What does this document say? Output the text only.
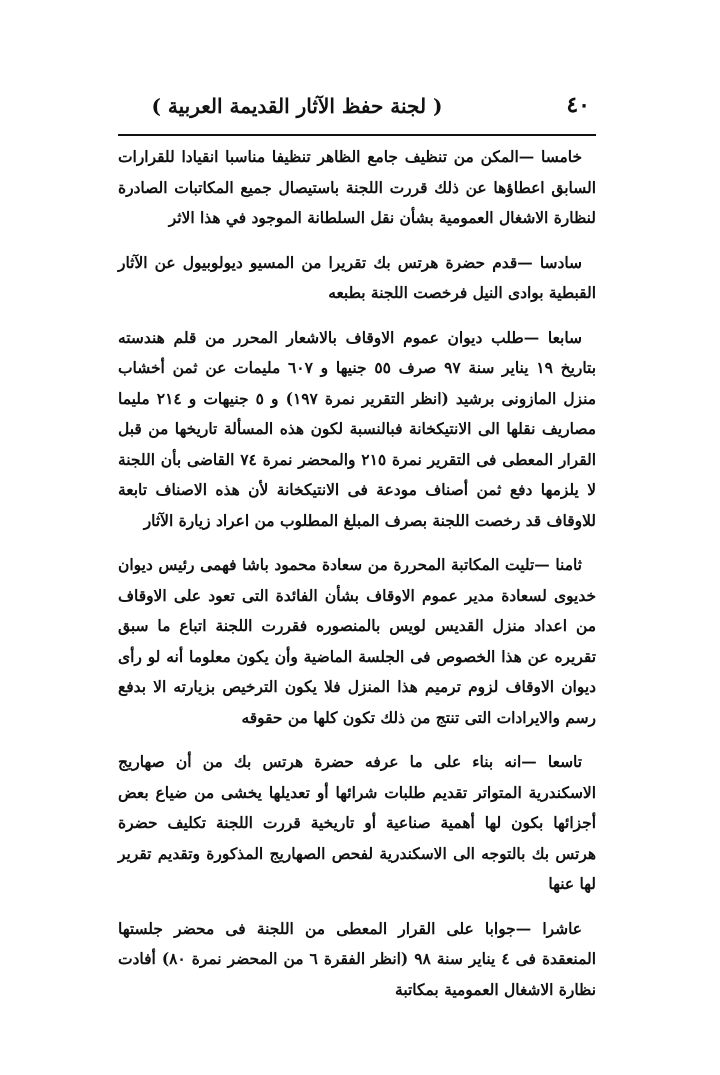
٤٠
( لجنة حفظ الآثار القديمة العربية )

خامسا —المكن من تنظيف جامع الظاهر تنظيفا مناسبا انقيادا للقرارات السابق اعطاؤها عن ذلك قررت اللجنة باستيصال جميع المكاتبات الصادرة لنظارة الاشغال العمومية بشأن نقل السلطانة الموجود في هذا الاثر

سادسا —قدم حضرة هرتس بك تقريرا من المسيو ديولوبيول عن الآثار القبطية بوادى النيل فرخصت اللجنة بطبعه

سابعا —طلب ديوان عموم الاوقاف بالاشعار المحرر من قلم هندسته بتاريخ ١٩ يناير سنة ٩٧ صرف ٥٥ جنيها و ٦٠٧ مليمات عن ثمن أخشاب منزل المازونى برشيد (انظر التقرير نمرة ١٩٧) و ٥ جنيهات و ٢١٤ مليما مصاريف نقلها الى الانتيكخانة فبالنسبة لكون هذه المسألة تاريخها من قبل القرار المعطى فى التقرير نمرة ٢١٥ والمحضر نمرة ٧٤ القاضى بأن اللجنة لا يلزمها دفع ثمن أصناف مودعة فى الانتيكخانة لأن هذه الاصناف تابعة للاوقاف قد رخصت اللجنة بصرف المبلغ المطلوب من اعراد زيارة الآثار

ثامنا —تليت المكاتبة المحررة من سعادة محمود باشا فهمى رئيس ديوان خديوى لسعادة مدير عموم الاوقاف بشأن الفائدة التى تعود على الاوقاف من اعداد منزل القديس لويس بالمنصوره فقررت اللجنة اتباع ما سبق تقريره عن هذا الخصوص فى الجلسة الماضية وأن يكون معلوما أنه لو رأى ديوان الاوقاف لزوم ترميم هذا المنزل فلا يكون الترخيص بزيارته الا بدفع رسم والايرادات التى تنتج من ذلك تكون كلها من حقوقه

تاسعا —انه بناء على ما عرفه حضرة هرتس بك من أن صهاريج الاسكندرية المتواتر تقديم طلبات شرائها أو تعديلها يخشى من ضياع بعض أجزائها بكون لها أهمية صناعية أو تاريخية قررت اللجنة تكليف حضرة هرتس بك بالتوجه الى الاسكندرية لفحص الصهاريج المذكورة وتقديم تقرير لها عنها

عاشرا —جوابا على القرار المعطى من اللجنة فى محضر جلستها المنعقدة فى ٤ يناير سنة ٩٨ (انظر الفقرة ٦ من المحضر نمرة ٨٠) أفادت نظارة الاشغال العمومية بمكاتبة
